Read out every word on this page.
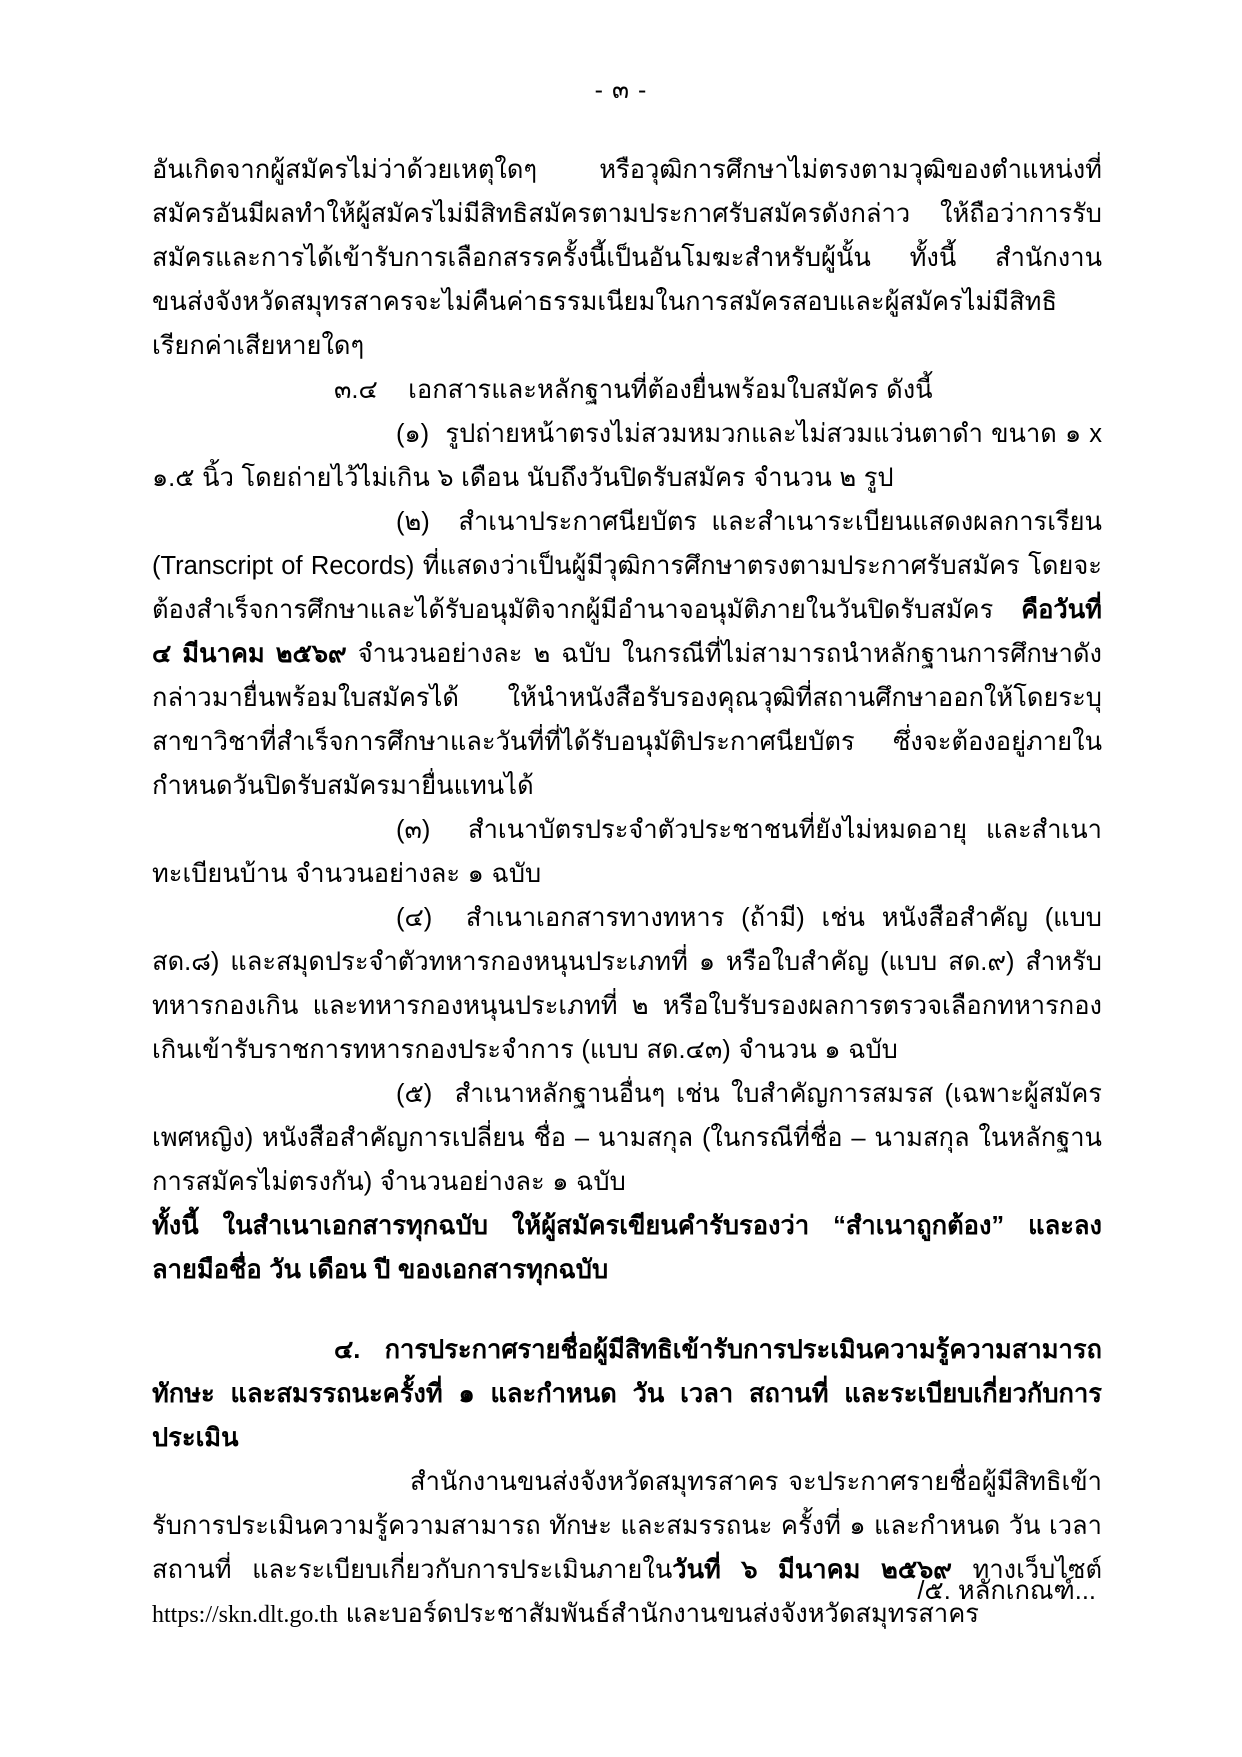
- ๓ -

อันเกิดจากผู้สมัครไม่ว่าด้วยเหตุใดๆ หรือวุฒิการศึกษาไม่ตรงตามวุฒิของตำแหน่งที่สมัครอันมีผลทำให้ผู้สมัครไม่มีสิทธิสมัครตามประกาศรับสมัครดังกล่าว ให้ถือว่าการรับสมัครและการได้เข้ารับการเลือกสรรครั้งนี้เป็นอันโมฆะสำหรับผู้นั้น ทั้งนี้ สำนักงานขนส่งจังหวัดสมุทรสาครจะไม่คืนค่าธรรมเนียมในการสมัครสอบและผู้สมัครไม่มีสิทธิเรียกค่าเสียหายใดๆ

๓.๔ เอกสารและหลักฐานที่ต้องยื่นพร้อมใบสมัคร ดังนี้

(๑) รูปถ่ายหน้าตรงไม่สวมหมวกและไม่สวมแว่นตาดำ ขนาด ๑ x ๑.๕ นิ้ว โดยถ่ายไว้ไม่เกิน ๖ เดือน นับถึงวันปิดรับสมัคร จำนวน ๒ รูป

(๒) สำเนาประกาศนียบัตร และสำเนาระเบียนแสดงผลการเรียน (Transcript of Records) ที่แสดงว่าเป็นผู้มีวุฒิการศึกษาตรงตามประกาศรับสมัคร โดยจะต้องสำเร็จการศึกษาและได้รับอนุมัติจากผู้มีอำนาจอนุมัติภายในวันปิดรับสมัคร คือวันที่ ๔ มีนาคม ๒๕๖๙ จำนวนอย่างละ ๒ ฉบับ ในกรณีที่ไม่สามารถนำหลักฐานการศึกษาดังกล่าวมายื่นพร้อมใบสมัครได้ ให้นำหนังสือรับรองคุณวุฒิที่สถานศึกษาออกให้โดยระบุสาขาวิชาที่สำเร็จการศึกษาและวันที่ที่ได้รับอนุมัติประกาศนียบัตร ซึ่งจะต้องอยู่ภายในกำหนดวันปิดรับสมัครมายื่นแทนได้

(๓) สำเนาบัตรประจำตัวประชาชนที่ยังไม่หมดอายุ และสำเนาทะเบียนบ้าน จำนวนอย่างละ ๑ ฉบับ

(๔) สำเนาเอกสารทางทหาร (ถ้ามี) เช่น หนังสือสำคัญ (แบบ สด.๘) และสมุดประจำตัวทหารกองหนุนประเภทที่ ๑ หรือใบสำคัญ (แบบ สด.๙) สำหรับทหารกองเกิน และทหารกองหนุนประเภทที่ ๒ หรือใบรับรองผลการตรวจเลือกทหารกองเกินเข้ารับราชการทหารกองประจำการ (แบบ สด.๔๓) จำนวน ๑ ฉบับ

(๕) สำเนาหลักฐานอื่นๆ เช่น ใบสำคัญการสมรส (เฉพาะผู้สมัครเพศหญิง) หนังสือสำคัญการเปลี่ยน ชื่อ – นามสกุล (ในกรณีที่ชื่อ – นามสกุล ในหลักฐานการสมัครไม่ตรงกัน) จำนวนอย่างละ ๑ ฉบับ

ทั้งนี้ ในสำเนาเอกสารทุกฉบับ ให้ผู้สมัครเขียนคำรับรองว่า “สำเนาถูกต้อง” และลงลายมือชื่อ วัน เดือน ปี ของเอกสารทุกฉบับ

๔. การประกาศรายชื่อผู้มีสิทธิเข้ารับการประเมินความรู้ความสามารถ ทักษะ และสมรรถนะครั้งที่ ๑ และกำหนด วัน เวลา สถานที่ และระเบียบเกี่ยวกับการประเมิน

สำนักงานขนส่งจังหวัดสมุทรสาคร จะประกาศรายชื่อผู้มีสิทธิเข้ารับการประเมินความรู้ความสามารถ ทักษะ และสมรรถนะ ครั้งที่ ๑ และกำหนด วัน เวลา สถานที่ และระเบียบเกี่ยวกับการประเมินภายในวันที่ ๖ มีนาคม ๒๕๖๙ ทางเว็บไซต์ https://skn.dlt.go.th และบอร์ดประชาสัมพันธ์สำนักงานขนส่งจังหวัดสมุทรสาคร

/๕. หลักเกณฑ์...
